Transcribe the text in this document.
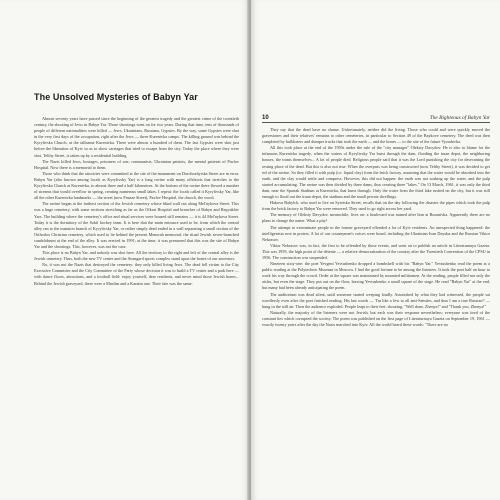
The Unsolved Mysteries of Babyn Yar

Almost seventy years have passed since the beginning of the greatest tragedy and the greatest crime of the twentieth century, the shooting of Jews in Babyn Yar. Those shootings went on for two years. During that time, tens of thousands of people of different nationalities were killed — Jews, Ukrainians, Russians, Gypsies. By the way, some Gypsies were shot in the very first days of the occupation, right after the Jews — three Kurenivka camps. The killing ground was behind the Kyrylivska Church, at the tallname Kurenivka. There were almost a hundred of them. The last Gypsies were shot just before the liberation of Kyiv so as to show carriages that tried to escape from the city. Today the place where they were shot, Telihy Street, is taken up by a residential building.

The Nazis killed Jews, hostages, prisoners of war, communists, Ukrainian patriots, the mental patients of Pavlov Hospital. Now there is a memorial to them.

Those who think that the atrocities were committed at the site of the monument on Dorohozhytska Street are in error. Babyn Yar (also known among locals as Kyrylivsky Yar) is a long ravine with many offshoots that stretches to the Kyrylivska Church at Kurenivka, to almost three and a half kilometres. At the bottom of the ravine there flowed a number of streams that would overflow in spring, creating numerous small lakes. I repeat: the locals called it Kyrylivsky Yar, like all the other Kurenivka landmarks — the street (now Frunze Street), Pavlov Hospital, the church, the wood.

The ravine began at the farthest section of the Jewish cemetery whose blind wall ran along Mel'nykova Street. This was a huge cemetery, with some sections stretching as far as the Ofkrat Hospital and branches of Babyn and Repyakhiv Yars. The building where the cemetery's office and ritual services were housed still remains — it is 44 Mel'nykova Street. Today it is the dormitory of the Sokil hockey team. It is here that the main entrance used to be, from which the central alley ran to the mansion branch of Kyrylivsky Yar, or rather simply dead ended in a wall separating a small section of the Orthodox Christian cemetery, which used to lie behind the present Menorah memorial, the ritual Jewish seven-branched candelabrum at the end of the alley. It was erected in 1991; at the time, it was presumed that this was the site of Babyn Yar and the shootings. This, however, was not the case.

This place is no Babyn Yar, and nobody was shot here. All the territory to the right and left of the central alley is the Jewish cemetery. Thus, both the new TV center and the Avangard sports complex stand upon the bones of our ancestors.

No, it was not the Nazis that destroyed the cemetery: they only killed living Jews. The dead fell victim to the City Executive Committee and the City Committee of the Party whose decision it was to build a TV center and a park here — with dance floors, attractions, and a football field: enjoy yourself, dear residents, and never mind those Jewish bones... Behind the Jewish graveyard, there were a Muslim and a Karaim one. Their fate was the same.

10	The Righteous of Babyn Yar

They say that the dead have no shame. Unfortunately, neither did the living. Those who could and were quickly moved the gravestones and their relatives' remains to other cemeteries, in particular to Section 49 of the Baykove cemetery. The deed was then completed by bulldozers and dumper trucks that took the earth — and the bones — to the site of the future Vyzadovka.

All this took place at the end of the 1950s under the rule of the "city manager" Oleksiy Davydov. He is also to blame for the infamous Kurenivka tragedy, when the waters of Kyrylivsky Yar burst through the dam, flooding the truan depot, the neighboring houses, the trams themselves... A lot of people died. Religious people said that it was the Lord punishing the city for desecrating the resting place of the dead. But this is also not true. When the overpass was being constructed (now Telihy Street), it was decided to get rid of the ravine. So they filled it with pulp (i.e. liquid clay) from the brick factory, assuming that the water would be absorbed into the earth, and the clay would settle and compress. However, this did not happen: the earth was not soaking up the water, and the pulp started accumulating. The ravine was then divided by three dams, thus creating three "lakes." On 13 March, 1961, it was only the third dam, near the Spartak Stadium at Kurenivka, that burst through. Only the water from the third lake rushed on the city, but it was still enough to flood out the truan depot, the stadium and the small private dwellings.

Hakova Babylch, who used to live on Syretska Street, recalls that on the day following the disaster the pipes which took the pulp from the brick factory to Babyn Yar were removed. They used to go right across her yard.

The memory of Oleksiy Davydov, meanwhile, lives on: a boulevard was named after him at Rusanivka. Apparently there are no plans to change the name. What a pity!

The attempt to exterminate people in the former graveyard offended a lot of Kyiv residents. An unexpected thing happened: the intelligentsia rose in protest. A lot of our countrymen's voices were heard, including the Ukrainian Ivan Dzyuba and the Russian Viktor Nekrasov.

Viktor Nekrasov was, in fact, the first to be offended by those events, and went on to publish an article in Literaturnaya Gazeta. This was 1959, the high point of the détente — a relative democratization of the country after the Twentieth Convention of the CPSU in 1956. The construction was suspended.

Nineteen sixty-one: the poet Yevgeni Yevtushenko dropped a bombshell with his "Babyn Yar." Yevtushenko read the poem at a public reading at the Polytechnic Museum in Moscow. I had the good fortune to be among the listeners. It took the poet half an hour to work his way through the crowd. Order at the square was maintained by mounted militiamen. At the reading, people filled not only the aisles, but even the stage. They put out on the floor, leaving Yevtushenko a small square of the stage. He read "Babyn Yar" at the end, but many had been already anticipating the poem.

The auditorium was dead silent, until someone started weeping loudly. Astonished by what they had witnessed, the people sat wordlessly even after the poet finished reading. His last words — 'I'm like a Jew to all anti-Semites, and thus I am a true Russian!' — hung in the still air. Then the audience exploded. People leapt to their feet, shouting, "Well done, Zhenya!" and "Thank you, Zhenya!"

Naturally, the majority of the listeners were not Jewish, but each was their response nevertheless; everyone was tired of the constant lies which corrupted the society. The poem was published on the first page of Literaturnaya Gazeta on September 19, 1961 — exactly twenty years after the day the Nazis marched into Kyiv. All the world heard these words: "There are no
